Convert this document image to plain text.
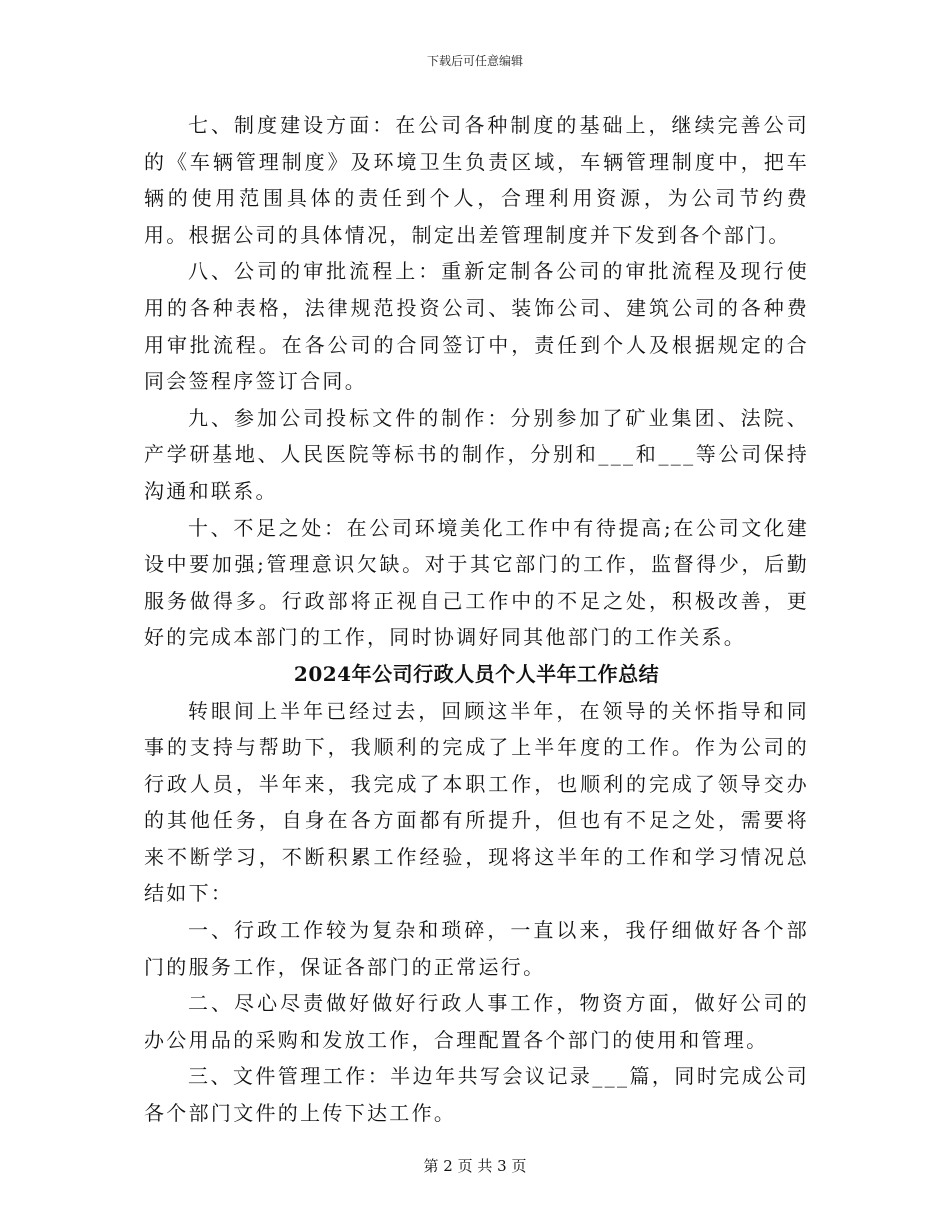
下载后可任意编辑

七、制度建设方面：在公司各种制度的基础上，继续完善公司的《车辆管理制度》及环境卫生负责区域，车辆管理制度中，把车辆的使用范围具体的责任到个人，合理利用资源，为公司节约费用。根据公司的具体情况，制定出差管理制度并下发到各个部门。

八、公司的审批流程上：重新定制各公司的审批流程及现行使用的各种表格，法律规范投资公司、装饰公司、建筑公司的各种费用审批流程。在各公司的合同签订中，责任到个人及根据规定的合同会签程序签订合同。

九、参加公司投标文件的制作：分别参加了矿业集团、法院、产学研基地、人民医院等标书的制作，分别和___和___等公司保持沟通和联系。

十、不足之处：在公司环境美化工作中有待提高;在公司文化建设中要加强;管理意识欠缺。对于其它部门的工作，监督得少，后勤服务做得多。行政部将正视自己工作中的不足之处，积极改善，更好的完成本部门的工作，同时协调好同其他部门的工作关系。

2024年公司行政人员个人半年工作总结

转眼间上半年已经过去，回顾这半年，在领导的关怀指导和同事的支持与帮助下，我顺利的完成了上半年度的工作。作为公司的行政人员，半年来，我完成了本职工作，也顺利的完成了领导交办的其他任务，自身在各方面都有所提升，但也有不足之处，需要将来不断学习，不断积累工作经验，现将这半年的工作和学习情况总结如下：

一、行政工作较为复杂和琐碎，一直以来，我仔细做好各个部门的服务工作，保证各部门的正常运行。

二、尽心尽责做好做好行政人事工作，物资方面，做好公司的办公用品的采购和发放工作，合理配置各个部门的使用和管理。

三、文件管理工作：半边年共写会议记录___篇，同时完成公司各个部门文件的上传下达工作。

第 2 页 共 3 页
